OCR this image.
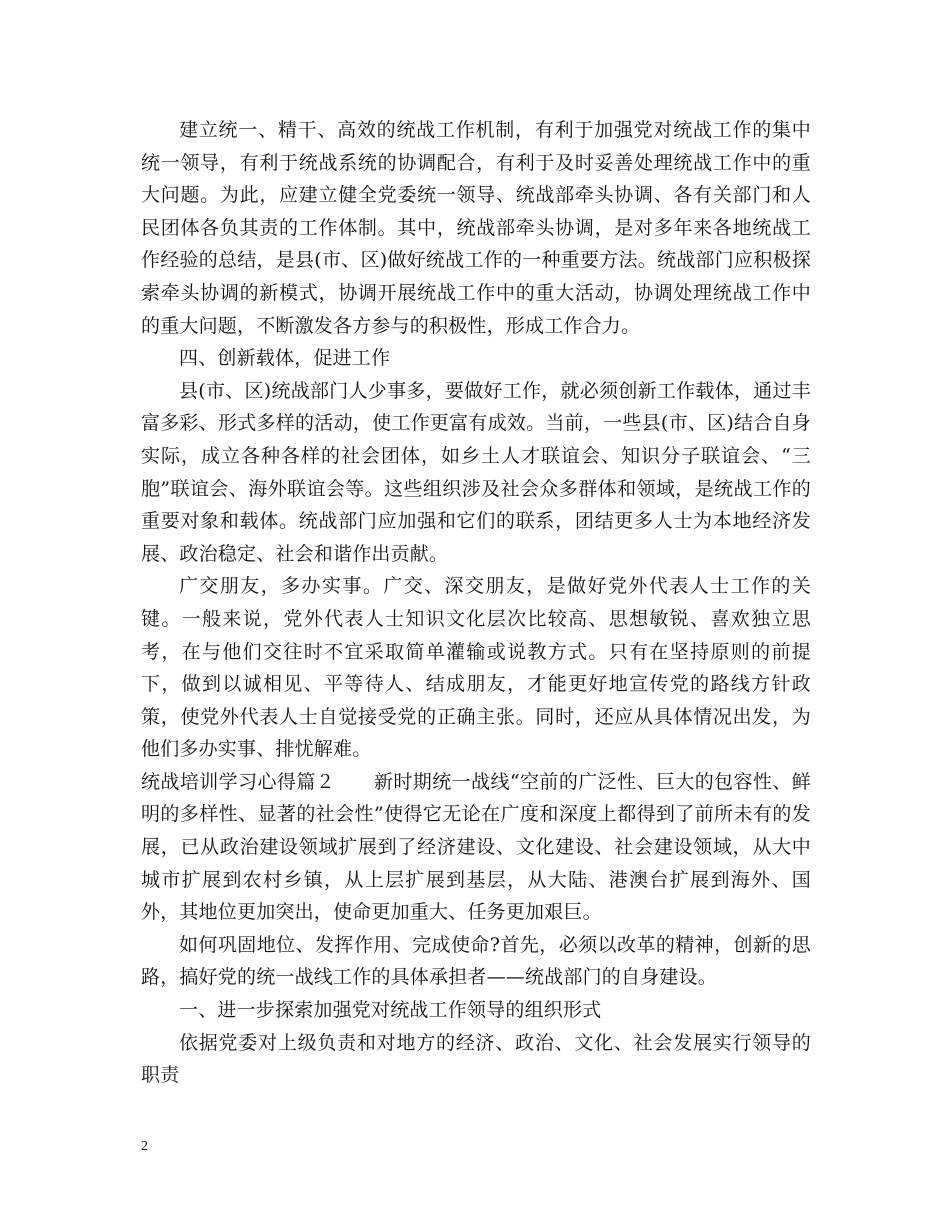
建立统一、精干、高效的统战工作机制，有利于加强党对统战工作的集中统一领导，有利于统战系统的协调配合，有利于及时妥善处理统战工作中的重大问题。为此，应建立健全党委统一领导、统战部牵头协调、各有关部门和人民团体各负其责的工作体制。其中，统战部牵头协调，是对多年来各地统战工作经验的总结，是县(市、区)做好统战工作的一种重要方法。统战部门应积极探索牵头协调的新模式，协调开展统战工作中的重大活动，协调处理统战工作中的重大问题，不断激发各方参与的积极性，形成工作合力。

四、创新载体，促进工作

县(市、区)统战部门人少事多，要做好工作，就必须创新工作载体，通过丰富多彩、形式多样的活动，使工作更富有成效。当前，一些县(市、区)结合自身实际，成立各种各样的社会团体，如乡土人才联谊会、知识分子联谊会、“三胞”联谊会、海外联谊会等。这些组织涉及社会众多群体和领域，是统战工作的重要对象和载体。统战部门应加强和它们的联系，团结更多人士为本地经济发展、政治稳定、社会和谐作出贡献。

广交朋友，多办实事。广交、深交朋友，是做好党外代表人士工作的关键。一般来说，党外代表人士知识文化层次比较高、思想敏锐、喜欢独立思考，在与他们交往时不宜采取简单灌输或说教方式。只有在坚持原则的前提下，做到以诚相见、平等待人、结成朋友，才能更好地宣传党的路线方针政策，使党外代表人士自觉接受党的正确主张。同时，还应从具体情况出发，为他们多办实事、排忧解难。

统战培训学习心得篇２　　新时期统一战线“空前的广泛性、巨大的包容性、鲜明的多样性、显著的社会性”使得它无论在广度和深度上都得到了前所未有的发展，已从政治建设领域扩展到了经济建设、文化建设、社会建设领域，从大中城市扩展到农村乡镇，从上层扩展到基层，从大陆、港澳台扩展到海外、国外，其地位更加突出，使命更加重大、任务更加艰巨。

如何巩固地位、发挥作用、完成使命?首先，必须以改革的精神，创新的思路，搞好党的统一战线工作的具体承担者——统战部门的自身建设。

一、进一步探索加强党对统战工作领导的组织形式

依据党委对上级负责和对地方的经济、政治、文化、社会发展实行领导的职责

2
